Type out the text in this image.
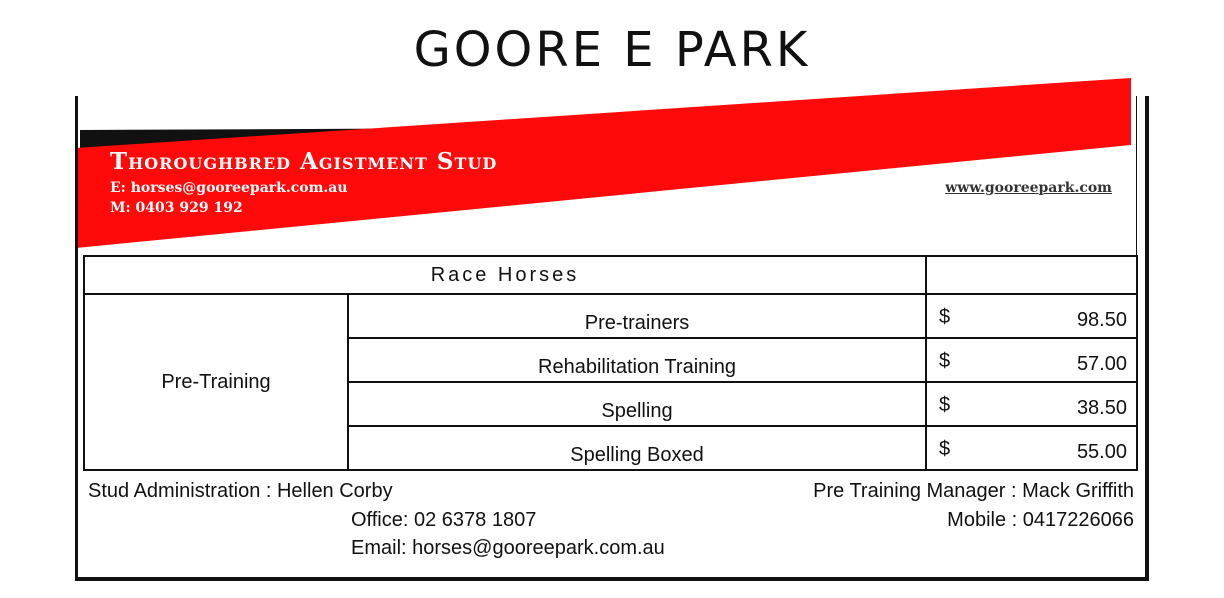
GOORE E PARK
Thoroughbred Agistment Stud
E: horses@gooreepark.com.au
M: 0403 929 192
www.gooreepark.com
Race Horses		
Pre-Training	Pre-trainers	$ 98.50

	Rehabilitation Training	$ 57.00

	Spelling	$ 38.50

	Spelling Boxed	$ 55.00
Stud Administration : Hellen Corby
Office: 02 6378 1807
Email: horses@gooreepark.com.au
Pre Training Manager : Mack Griffith
Mobile : 0417226066
